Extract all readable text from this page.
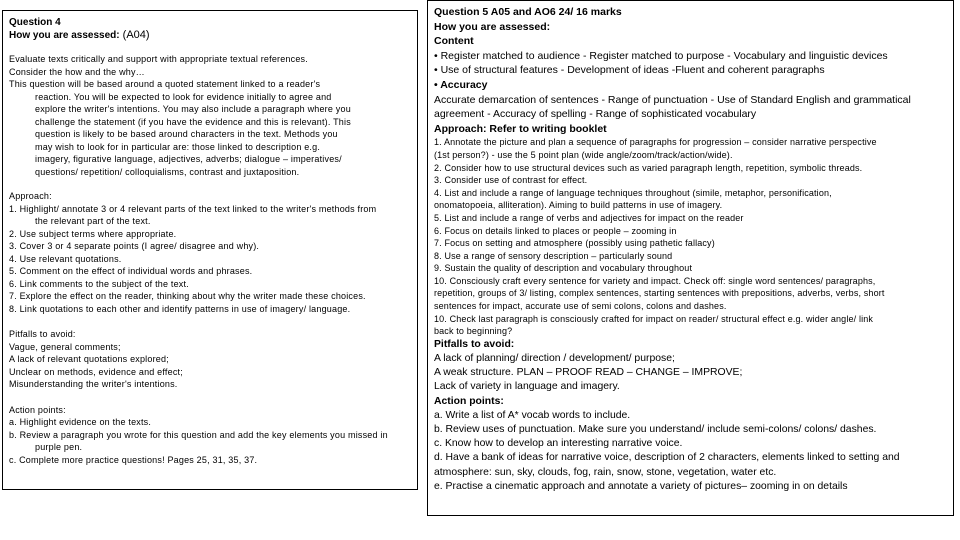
Question 4
How you are assessed: (A04)
Evaluate texts critically and support with appropriate textual references.
Consider the how and the why…
This question will be based around a quoted statement linked to a reader's
reaction. You will be expected to look for evidence initially to agree and
explore the writer's intentions. You may also include a paragraph where you
challenge the statement (if you have the evidence and this is relevant). This
question is likely to be based around characters in the text. Methods you
may wish to look for in particular are: those linked to description e.g.
imagery, figurative language, adjectives, adverbs; dialogue – imperatives/
questions/ repetition/ colloquialisms, contrast and juxtaposition.
Approach:
1. Highlight/ annotate 3 or 4 relevant parts of the text linked to the writer's methods from
the relevant part of the text.
2. Use subject terms where appropriate.
3. Cover 3 or 4 separate points (I agree/ disagree and why).
4. Use relevant quotations.
5. Comment on the effect of individual words and phrases.
6. Link comments to the subject of the text.
7. Explore the effect on the reader, thinking about why the writer made these choices.
8. Link quotations to each other and identify patterns in use of imagery/ language.
Pitfalls to avoid:
Vague, general comments;
A lack of relevant quotations explored;
Unclear on methods, evidence and effect;
Misunderstanding the writer's intentions.
Action points:
a. Highlight evidence on the texts.
b. Review a paragraph you wrote for this question and add the key elements you missed in
purple pen.
c. Complete more practice questions! Pages 25, 31, 35, 37.
Question 5 A05 and AO6 24/ 16 marks
How you are assessed:
Content
• Register matched to audience - Register matched to purpose - Vocabulary and linguistic devices
• Use of structural features - Development of ideas -Fluent and coherent paragraphs
• Accuracy
Accurate demarcation of sentences - Range of punctuation - Use of Standard English and grammatical
agreement - Accuracy of spelling - Range of sophisticated vocabulary
Approach: Refer to writing booklet
1. Annotate the picture and plan a sequence of paragraphs for progression – consider narrative perspective
(1st person?) - use the 5 point plan (wide angle/zoom/track/action/wide).
2. Consider how to use structural devices such as varied paragraph length, repetition, symbolic threads.
3. Consider use of contrast for effect.
4. List and include a range of language techniques throughout (simile, metaphor, personification,
onomatopoeia, alliteration). Aiming to build patterns in use of imagery.
5. List and include a range of verbs and adjectives for impact on the reader
6. Focus on details linked to places or people – zooming in
7. Focus on setting and atmosphere (possibly using pathetic fallacy)
8. Use a range of sensory description – particularly sound
9. Sustain the quality of description and vocabulary throughout
10. Consciously craft every sentence for variety and impact. Check off: single word sentences/ paragraphs,
repetition, groups of 3/ listing, complex sentences, starting sentences with prepositions, adverbs, verbs, short
sentences for impact, accurate use of semi colons, colons and dashes.
10. Check last paragraph is consciously crafted for impact on reader/ structural effect e.g. wider angle/ link
back to beginning?
Pitfalls to avoid:
A lack of planning/ direction / development/ purpose;
A weak structure. PLAN – PROOF READ – CHANGE – IMPROVE;
Lack of variety in language and imagery.
Action points:
a. Write a list of A* vocab words to include.
b. Review uses of punctuation. Make sure you understand/ include semi-colons/ colons/ dashes.
c. Know how to develop an interesting narrative voice.
d. Have a bank of ideas for narrative voice, description of 2 characters, elements linked to setting and
atmosphere: sun, sky, clouds, fog, rain, snow, stone, vegetation, water etc.
e. Practise a cinematic approach and annotate a variety of pictures– zooming in on details
